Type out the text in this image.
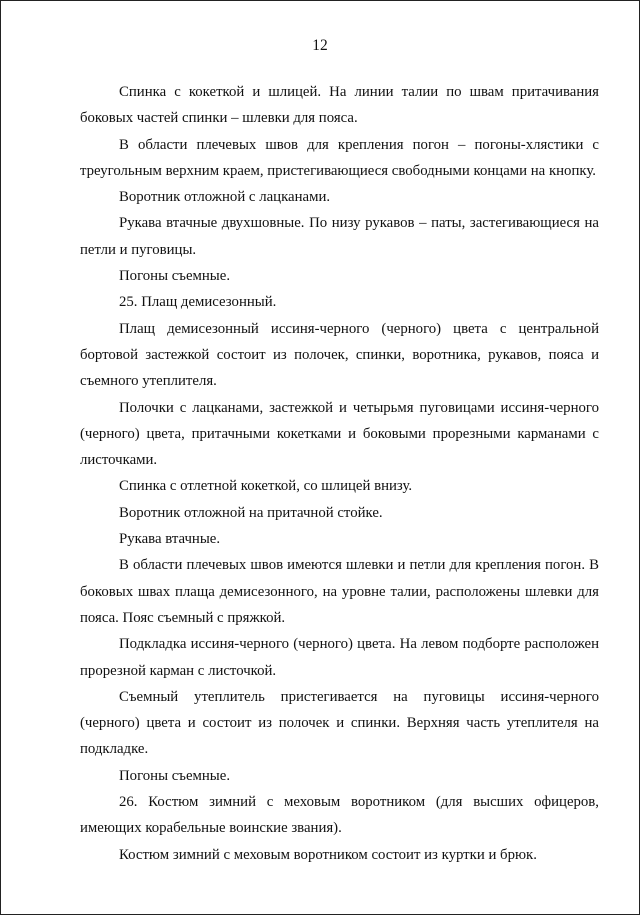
12

Спинка с кокеткой и шлицей. На линии талии по швам притачивания боковых частей спинки – шлевки для пояса.

В области плечевых швов для крепления погон – погоны-хлястики с треугольным верхним краем, пристегивающиеся свободными концами на кнопку.

Воротник отложной с лацканами.

Рукава втачные двухшовные. По низу рукавов – паты, застегивающиеся на петли и пуговицы.

Погоны съемные.

25. Плащ демисезонный.

Плащ демисезонный иссиня-черного (черного) цвета с центральной бортовой застежкой состоит из полочек, спинки, воротника, рукавов, пояса и съемного утеплителя.

Полочки с лацканами, застежкой и четырьмя пуговицами иссиня-черного (черного) цвета, притачными кокетками и боковыми прорезными карманами с листочками.

Спинка с отлетной кокеткой, со шлицей внизу.

Воротник отложной на притачной стойке.

Рукава втачные.

В области плечевых швов имеются шлевки и петли для крепления погон. В боковых швах плаща демисезонного, на уровне талии, расположены шлевки для пояса. Пояс съемный с пряжкой.

Подкладка иссиня-черного (черного) цвета. На левом подборте расположен прорезной карман с листочкой.

Съемный утеплитель пристегивается на пуговицы иссиня-черного (черного) цвета и состоит из полочек и спинки. Верхняя часть утеплителя на подкладке.

Погоны съемные.

26. Костюм зимний с меховым воротником (для высших офицеров, имеющих корабельные воинские звания).

Костюм зимний с меховым воротником состоит из куртки и брюк.
